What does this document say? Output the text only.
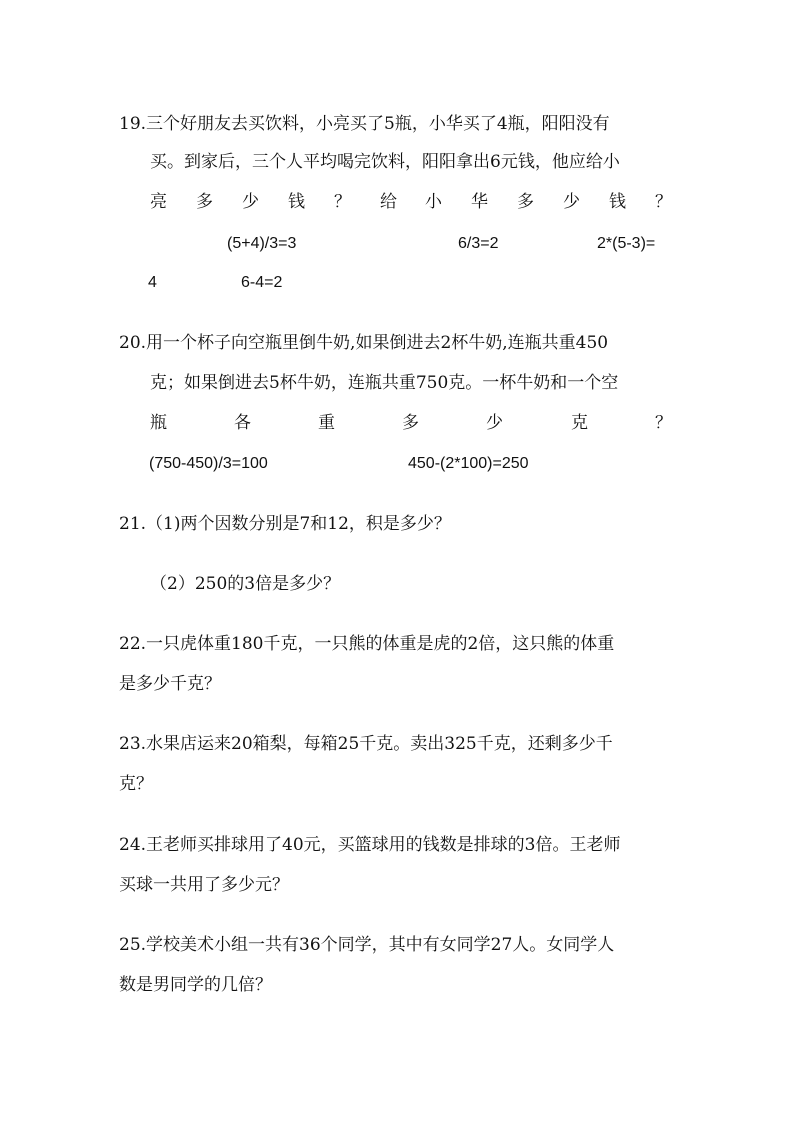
19.三个好朋友去买饮料，小亮买了5瓶，小华买了4瓶，阳阳没有
买。到家后，三个人平均喝完饮料，阳阳拿出6元钱，他应给小
亮 多 少 钱 ？ 给 小 华 多 少 钱 ？
(5+4)/3=3	6/3=2	2*(5-3)=
4	6-4=2
20.用一个杯子向空瓶里倒牛奶,如果倒进去2杯牛奶,连瓶共重450
克；如果倒进去5杯牛奶，连瓶共重750克。一杯牛奶和一个空
瓶	各	重	多	少	克	？
(750-450)/3=100	450-(2*100)=250
21.（1)两个因数分别是7和12，积是多少？
（2）250的3倍是多少？
22.一只虎体重180千克，一只熊的体重是虎的2倍，这只熊的体重
是多少千克？
23.水果店运来20箱梨，每箱25千克。卖出325千克，还剩多少千
克？
24.王老师买排球用了40元，买篮球用的钱数是排球的3倍。王老师
买球一共用了多少元？
25.学校美术小组一共有36个同学，其中有女同学27人。女同学人
数是男同学的几倍？
